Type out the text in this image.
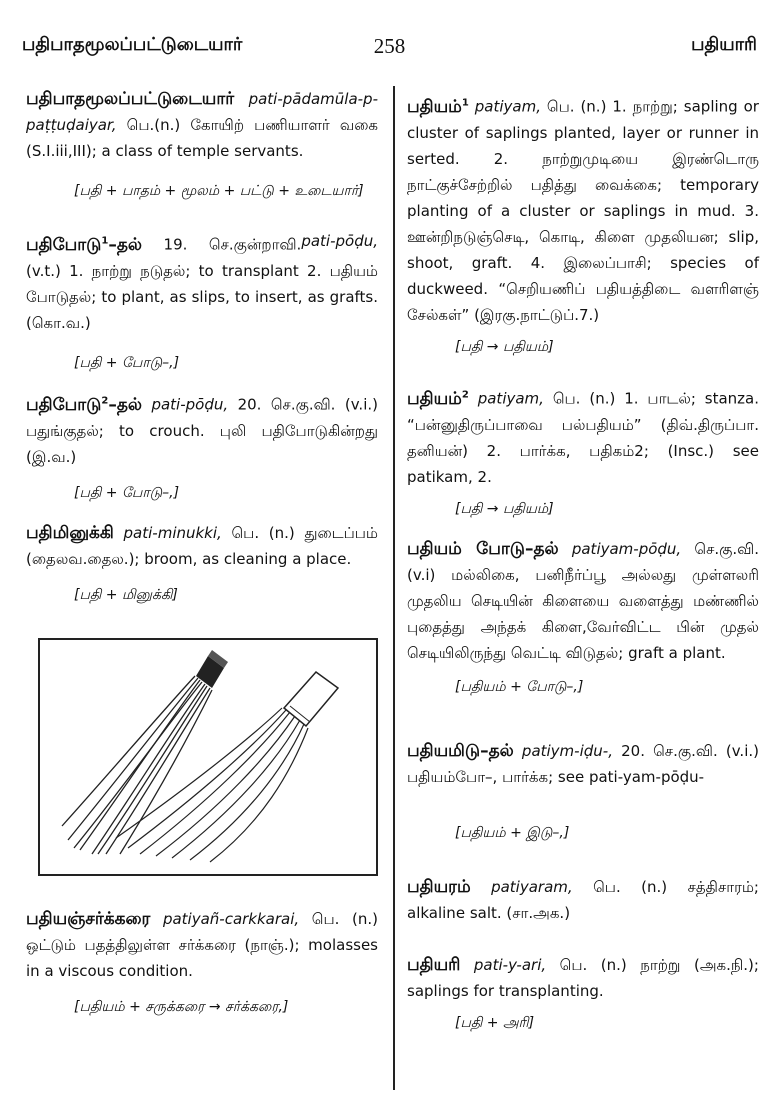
பதிபாதமூலப்பட்டுடையார்	258	பதியாரி
பதிபாதமூலப்பட்டுடையார் pati-pādamūla-p-paṭṭuḍaiyar, பெ.(n.) கோயிற் பணியாளர் வகை (S.I.iii,III); a class of temple servants.
[பதி + பாதம் + மூலம் + பட்டு + உடையார்]
பதிபோடு$^1$–தல்	pati-pōḍu,
19. செ.குன்றாவி.(v.t.) 1. நாற்று நடுதல்; to transplant 2. பதியம் போடுதல்; to plant, as slips, to insert, as grafts. (கொ.வ.)
[பதி + போடு–,]
பதிபோடு$^2$–தல் pati-pōḍu, 20. செ.கு.வி. (v.i.) பதுங்குதல்; to crouch. புலி பதிபோடுகின்றது (இ.வ.)
[பதி + போடு–,]
பதிமினுக்கி pati-minukki, பெ. (n.) துடைப்பம் (தைலவ.தைல.); broom, as cleaning a place.
[பதி + மினுக்கி]
பதியஞ்சர்க்கரை patiyañ-carkkarai, பெ. (n.) ஒட்டும் பதத்திலுள்ள சர்க்கரை (நாஞ்.); molasses in a viscous condition.
[பதியம் + சருக்கரை → சர்க்கரை,]
பதியம்$^1$ patiyam, பெ. (n.) 1. நாற்று; sapling or cluster of saplings planted, layer or runner in serted. 2. நாற்றுமுடியை இரண்டொரு நாட்குச்சேற்றில் பதித்து வைக்கை; temporary planting of a cluster or saplings in mud. 3. ஊன்றிநடுஞ்செடி, கொடி, கிளை முதலியன; slip, shoot, graft. 4. இலைப்பாசி; species of duckweed. “செறியணிப் பதியத்திடை வளரிளஞ் சேல்கள்” (இரகு.நாட்டுப்.7.)
[பதி → பதியம்]
பதியம்$^2$ patiyam, பெ. (n.) 1. பாடல்; stanza. “பன்னுதிருப்பாவை பல்பதியம்” (திவ்.திருப்பா. தனியன்) 2. பார்க்க, பதிகம்2; (Insc.) see patikam, 2.
[பதி → பதியம்]
பதியம் போடு–தல் patiyam-pōḍu, செ.கு.வி. (v.i) மல்லிகை, பனிநீர்ப்பூ அல்லது முள்ளலரி முதலிய செடியின் கிளையை வளைத்து மண்ணில் புதைத்து அந்தக் கிளை,வேர்விட்ட பின் முதல் செடியிலிருந்து வெட்டி விடுதல்; graft a plant.
[பதியம் + போடு–,]
பதியமிடு–தல் patiym-iḍu-, 20. செ.கு.வி. (v.i.) பதியம்போ–, பார்க்க; see pati-yam-pōḍu-
[பதியம் + இடு–,]
பதியரம் patiyaram, பெ. (n.) சத்திசாரம்; alkaline salt. (சா.அக.)
பதியரி pati-y-ari, பெ. (n.) நாற்று (அக.நி.); saplings for transplanting.
[பதி + அரி]
